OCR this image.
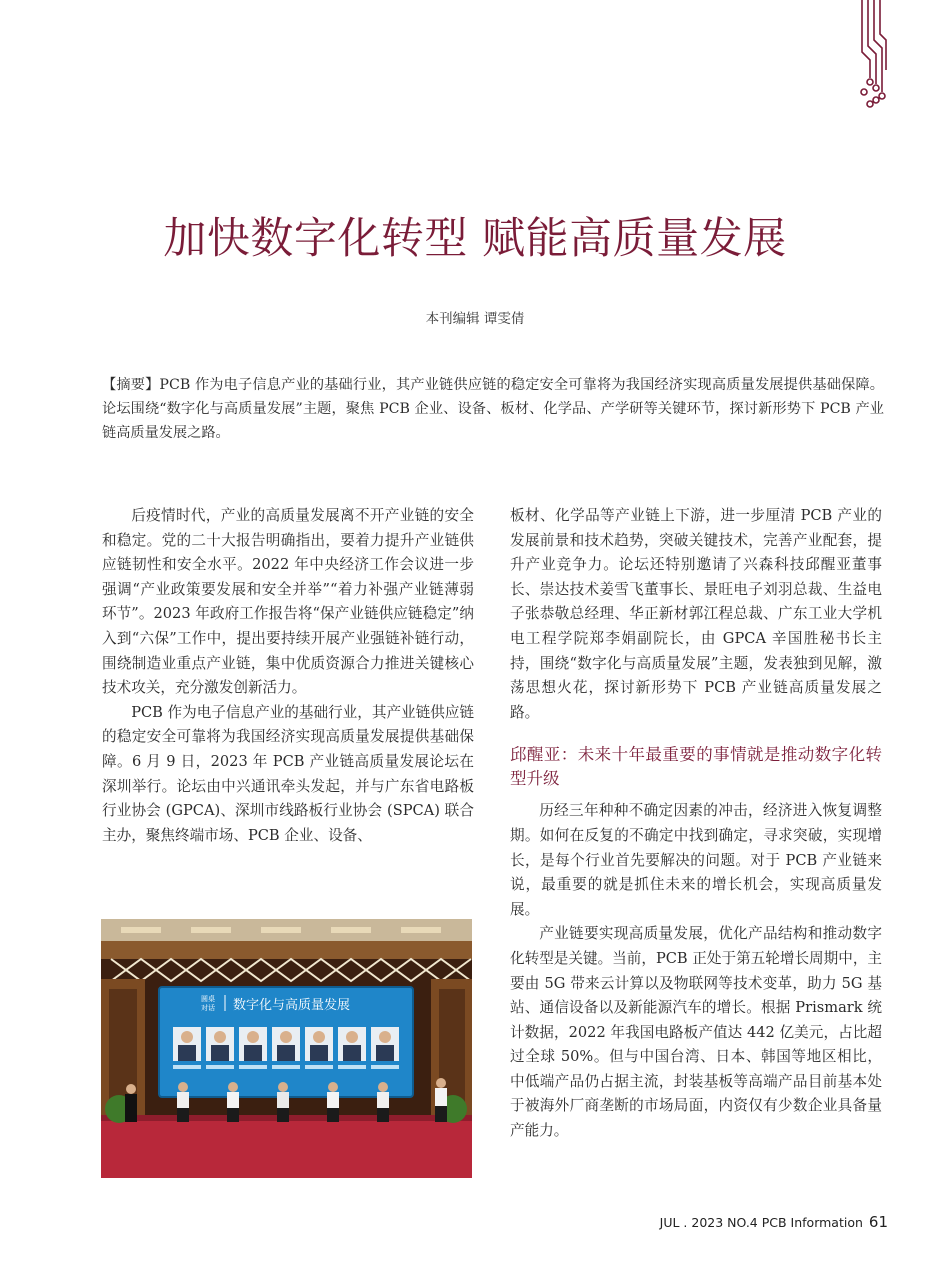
加快数字化转型 赋能高质量发展
本刊编辑 谭雯倩
【摘要】PCB 作为电子信息产业的基础行业，其产业链供应链的稳定安全可靠将为我国经济实现高质量发展提供基础保障。论坛围绕“数字化与高质量发展”主题，聚焦 PCB 企业、设备、板材、化学品、产学研等关键环节，探讨新形势下 PCB 产业链高质量发展之路。

后疫情时代，产业的高质量发展离不开产业链的安全和稳定。党的二十大报告明确指出，要着力提升产业链供应链韧性和安全水平。2022 年中央经济工作会议进一步强调“产业政策要发展和安全并举”“着力补强产业链薄弱环节”。2023 年政府工作报告将“保产业链供应链稳定”纳入到“六保”工作中，提出要持续开展产业强链补链行动，围绕制造业重点产业链，集中优质资源合力推进关键核心技术攻关，充分激发创新活力。

PCB 作为电子信息产业的基础行业，其产业链供应链的稳定安全可靠将为我国经济实现高质量发展提供基础保障。6 月 9 日，2023 年 PCB 产业链高质量发展论坛在深圳举行。论坛由中兴通讯牵头发起，并与广东省电路板行业协会 (GPCA)、深圳市线路板行业协会 (SPCA) 联合主办，聚焦终端市场、PCB 企业、设备、

板材、化学品等产业链上下游，进一步厘清 PCB 产业的发展前景和技术趋势，突破关键技术，完善产业配套，提升产业竞争力。论坛还特别邀请了兴森科技邱醒亚董事长、崇达技术姜雪飞董事长、景旺电子刘羽总裁、生益电子张恭敬总经理、华正新材郭江程总裁、广东工业大学机电工程学院郑李娟副院长，由 GPCA 辛国胜秘书长主持，围绕“数字化与高质量发展”主题，发表独到见解，激荡思想火花，探讨新形势下 PCB 产业链高质量发展之路。

邱醒亚：未来十年最重要的事情就是推动数字化转型升级

历经三年种种不确定因素的冲击，经济进入恢复调整期。如何在反复的不确定中找到确定，寻求突破，实现增长，是每个行业首先要解决的问题。对于 PCB 产业链来说，最重要的就是抓住未来的增长机会，实现高质量发展。

产业链要实现高质量发展，优化产品结构和推动数字化转型是关键。当前，PCB 正处于第五轮增长周期中，主要由 5G 带来云计算以及物联网等技术变革，助力 5G 基站、通信设备以及新能源汽车的增长。根据 Prismark 统计数据，2022 年我国电路板产值达 442 亿美元，占比超过全球 50%。但与中国台湾、日本、韩国等地区相比，中低端产品仍占据主流，封装基板等高端产品目前基本处于被海外厂商垄断的市场局面，内资仅有少数企业具备量产能力。

圆桌
对话 数字化与高质量发展
JUL . 2023 NO.4 PCB Information 61
